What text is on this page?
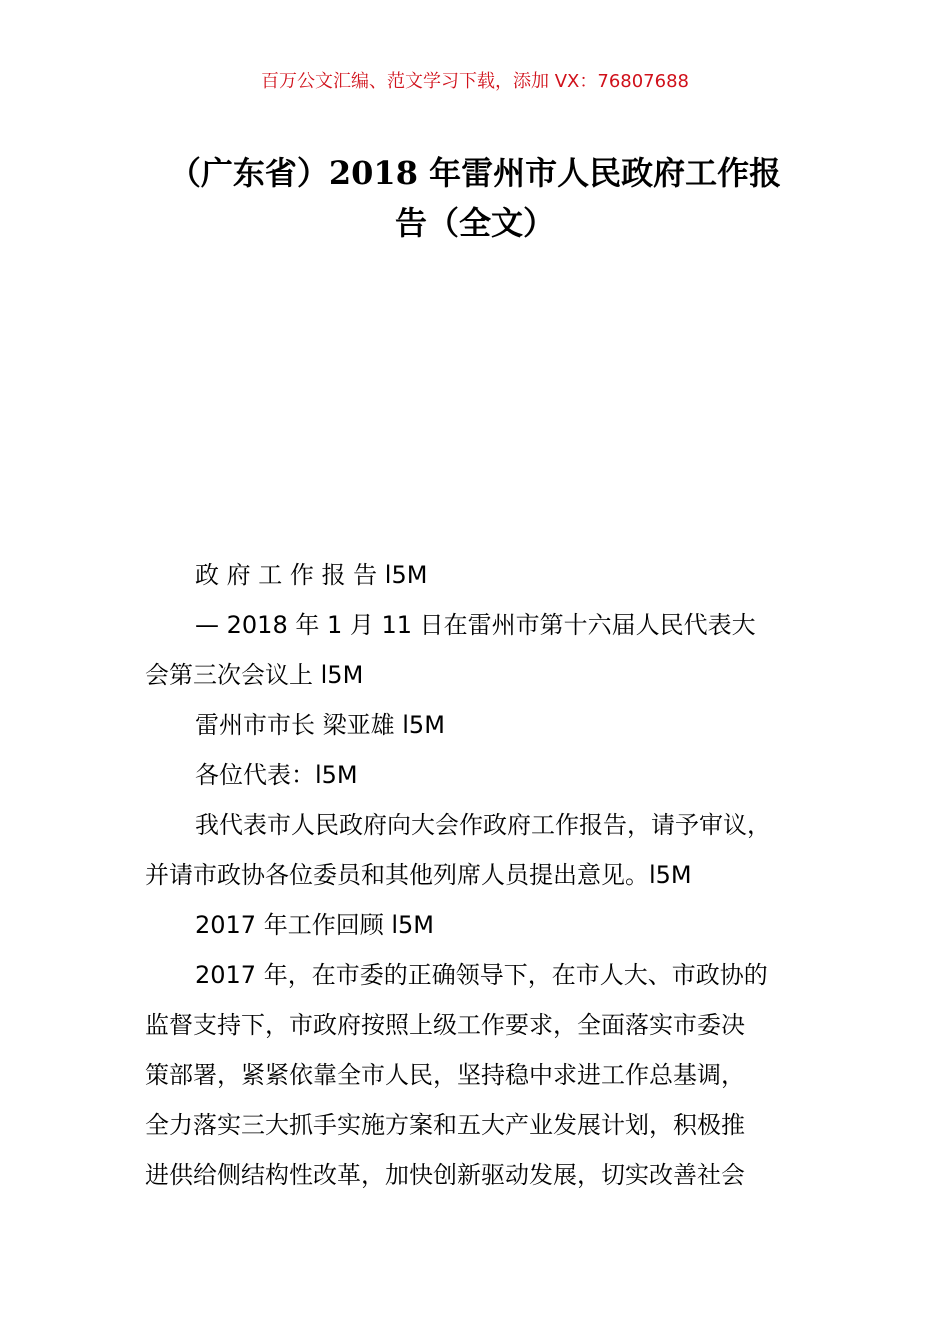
百万公文汇编、范文学习下载，添加 VX：76807688
（广东省）2018 年雷州市人民政府工作报
告（全文）
政 府 工 作 报 告 l5M
— 2018 年 1 月 11 日在雷州市第十六届人民代表大
会第三次会议上 l5M
雷州市市长 梁亚雄 l5M
各位代表：l5M
我代表市人民政府向大会作政府工作报告，请予审议，
并请市政协各位委员和其他列席人员提出意见。l5M
2017 年工作回顾 l5M
2017 年，在市委的正确领导下，在市人大、市政协的
监督支持下，市政府按照上级工作要求，全面落实市委决
策部署，紧紧依靠全市人民，坚持稳中求进工作总基调，
全力落实三大抓手实施方案和五大产业发展计划，积极推
进供给侧结构性改革，加快创新驱动发展，切实改善社会
